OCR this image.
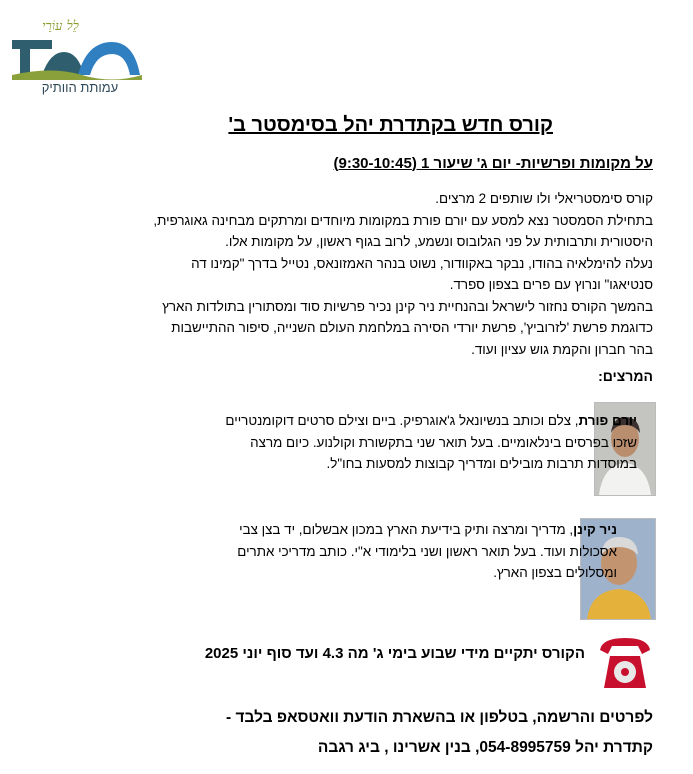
לֵל עוֹרֵי
עמותת הוותיק
קורס חדש בקתדרת יהל בסימסטר ב'
על מקומות ופרשיות- יום ג' שיעור 1 (9:30-10:45)

קורס סימסטריאלי ולו שותפים 2 מרצים.

בתחילת הסמסטר נצא למסע עם יורם פורת במקומות מיוחדים ומרתקים מבחינה גאוגרפית,

היסטורית ותרבותית על פני הגלובוס ונשמע, לרוב בגוף ראשון, על מקומות אלו.

נעלה להימלאיה בהודו, נבקר באקוודור, נשוט בנהר האמזונאס, נטייל בדרך "קמינו דה

סנטיאגו" ונרוץ עם פרים בצפון ספרד.

בהמשך הקורס נחזור לישראל ובהנחיית ניר קינן נכיר פרשיות סוד ומסתורין בתולדות הארץ

כדוגמת פרשת 'לזרוביץ', פרשת יורדי הסירה במלחמת העולם השנייה, סיפור ההתיישבות

בהר חברון והקמת גוש עציון ועוד.

המרצים:

יורם פורת, צלם וכותב בנשיונאל ג'אוגרפיק. ביים וצילם סרטים דוקומנטריים

שזכו בפרסים בינלאומיים. בעל תואר שני בתקשורת וקולנוע. כיום מרצה

במוסדות תרבות מובילים ומדריך קבוצות למסעות בחו"ל.

ניר קינן, מדריך ומרצה ותיק בידיעת הארץ במכון אבשלום, יד בצן צבי

אסכולות ועוד. בעל תואר ראשון ושני בלימודי א"י. כותב מדריכי אתרים

ומסלולים בצפון הארץ.

הקורס יתקיים מידי שבוע בימי ג' מה 4.3 ועד סוף יוני 2025
לפרטים והרשמה, בטלפון או בהשארת הודעת וואטסאפ בלבד -
קתדרת יהל 054-8995759, בנין אשרינו , ביג רגבה
